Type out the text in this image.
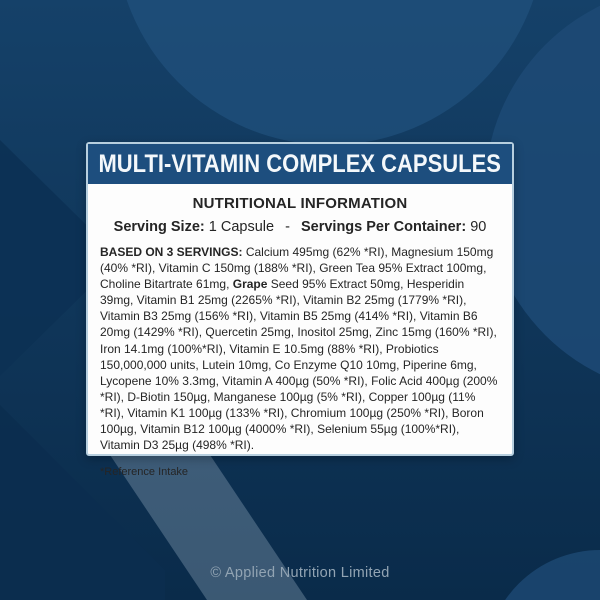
MULTI-VITAMIN COMPLEX CAPSULES
NUTRITIONAL INFORMATION
Serving Size: 1 Capsule - Servings Per Container: 90

BASED ON 3 SERVINGS: Calcium 495mg (62% *RI), Magnesium 150mg (40% *RI), Vitamin C 150mg (188% *RI), Green Tea 95% Extract 100mg, Choline Bitartrate 61mg, Grape Seed 95% Extract 50mg, Hesperidin 39mg, Vitamin B1 25mg (2265% *RI), Vitamin B2 25mg (1779% *RI), Vitamin B3 25mg (156% *RI), Vitamin B5 25mg (414% *RI), Vitamin B6 20mg (1429% *RI), Quercetin 25mg, Inositol 25mg, Zinc 15mg (160% *RI), Iron 14.1mg (100%*RI), Vitamin E 10.5mg (88% *RI), Probiotics 150,000,000 units, Lutein 10mg, Co Enzyme Q10 10mg, Piperine 6mg, Lycopene 10% 3.3mg, Vitamin A 400µg (50% *RI), Folic Acid 400µg (200% *RI), D-Biotin 150µg, Manganese 100µg (5% *RI), Copper 100µg (11% *RI), Vitamin K1 100µg (133% *RI), Chromium 100µg (250% *RI), Boron 100µg, Vitamin B12 100µg (4000% *RI), Selenium 55µg (100%*RI), Vitamin D3 25µg (498% *RI).

*Reference Intake
© Applied Nutrition Limited
